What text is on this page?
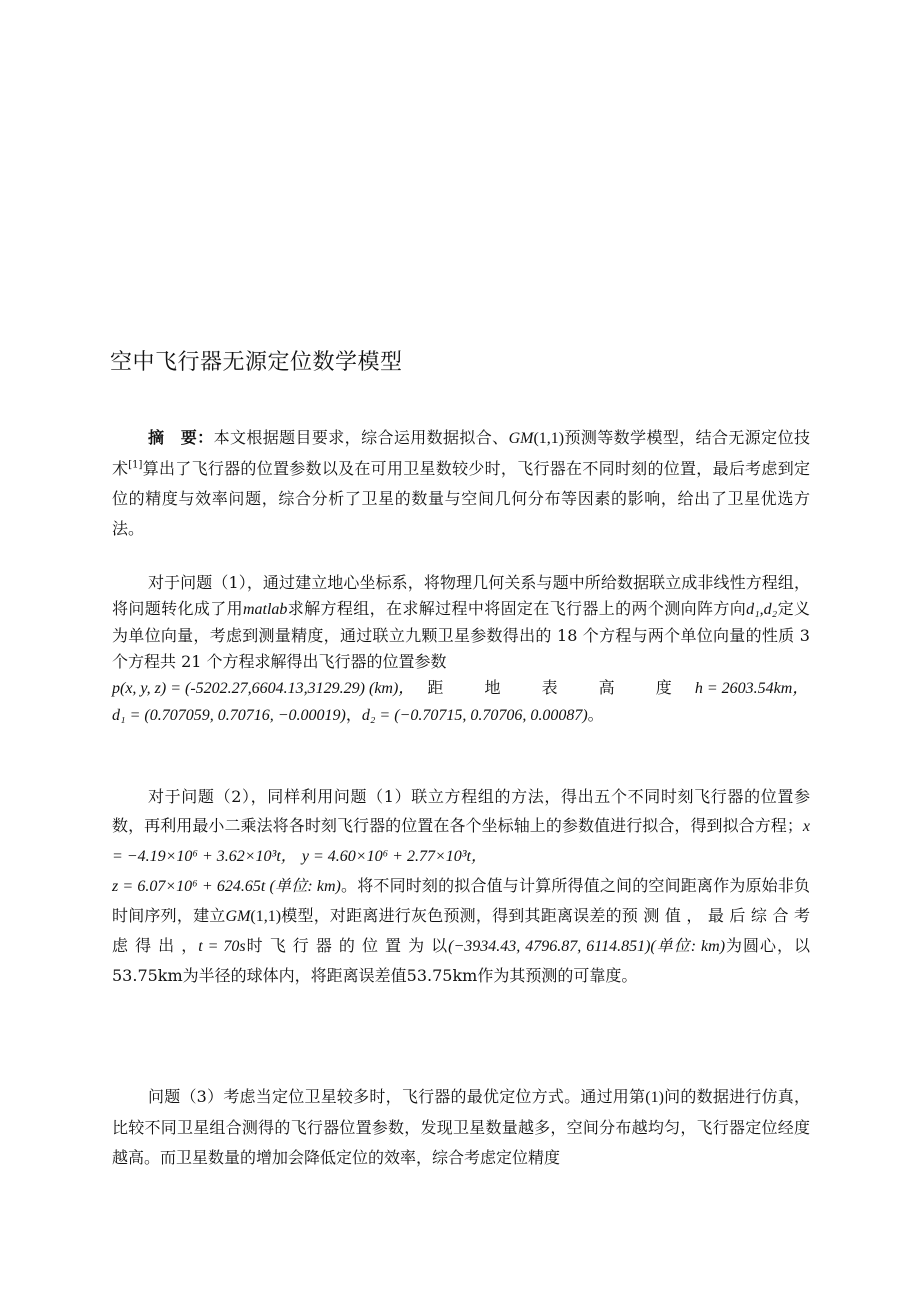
空中飞行器无源定位数学模型

摘　要：本文根据题目要求，综合运用数据拟合、GM(1,1)预测等数学模型，结合无源定位技术[1]算出了飞行器的位置参数以及在可用卫星数较少时，飞行器在不同时刻的位置，最后考虑到定位的精度与效率问题，综合分析了卫星的数量与空间几何分布等因素的影响，给出了卫星优选方法。

对于问题（1），通过建立地心坐标系，将物理几何关系与题中所给数据联立成非线性方程组，将问题转化成了用matlab求解方程组，在求解过程中将固定在飞行器上的两个测向阵方向d₁,d₂定义为单位向量，考虑到测量精度，通过联立九颗卫星参数得出的 18 个方程与两个单位向量的性质 3 个方程共 21 个方程求解得出飞行器的位置参数
p(x, y, z) = (-5202.27,6604.13,3129.29) (km)，　 距 地 表 高 度 h = 2603.54km，
d₁ = (0.707059, 0.70716, −0.00019)，d₂ = (−0.70715, 0.70706, 0.00087)。

对于问题（2），同样利用问题（1）联立方程组的方法，得出五个不同时刻飞行器的位置参数，再利用最小二乘法将各时刻飞行器的位置在各个坐标轴上的参数值进行拟合，得到拟合方程；x = −4.19×10⁶ + 3.62×10³t， y = 4.60×10⁶ + 2.77×10³t，
z = 6.07×10⁶ + 624.65t (单位: km)。将不同时刻的拟合值与计算所得值之间的空间距离作为原始非负时间序列，建立GM(1,1)模型，对距离进行灰色预测，得到其距离误差的预 测 值 ， 最 后 综 合 考 虑 得 出 ，t = 70s时 飞 行 器 的 位 置 为 以(−3934.43, 4796.87, 6114.851)(单位: km)为圆心，以53.75km为半径的球体内，将距离误差值53.75km作为其预测的可靠度。

问题（3）考虑当定位卫星较多时，飞行器的最优定位方式。通过用第(1)问的数据进行仿真，比较不同卫星组合测得的飞行器位置参数，发现卫星数量越多，空间分布越均匀，飞行器定位经度越高。而卫星数量的增加会降低定位的效率，综合考虑定位精度
